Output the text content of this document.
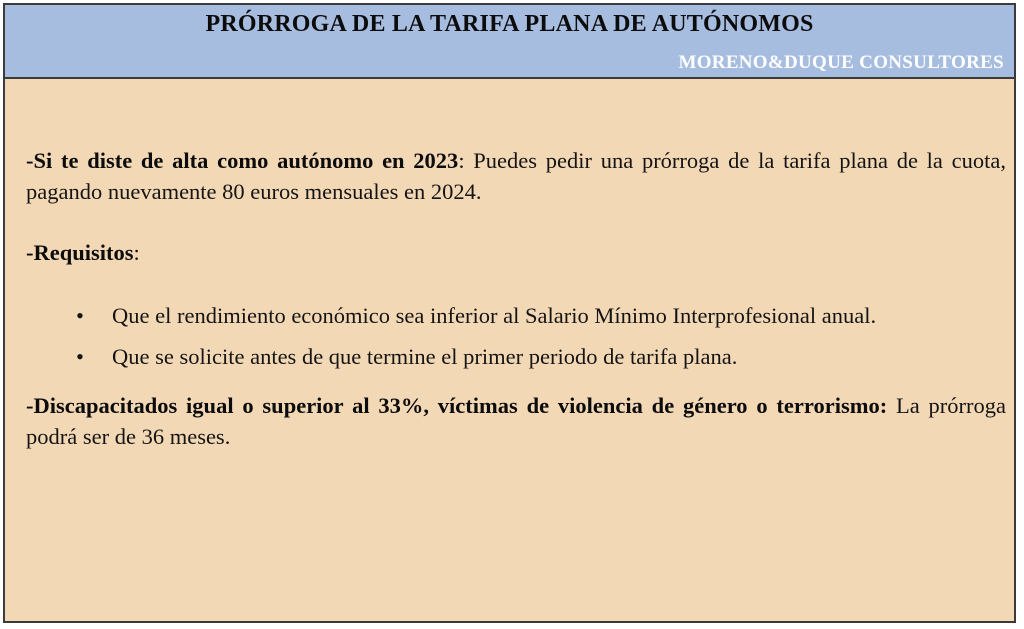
PRÓRROGA DE LA TARIFA PLANA DE AUTÓNOMOS
MORENO&DUQUE CONSULTORES

-Si te diste de alta como autónomo en 2023: Puedes pedir una prórroga de la tarifa plana de la cuota, pagando nuevamente 80 euros mensuales en 2024.

-Requisitos:

• Que el rendimiento económico sea inferior al Salario Mínimo Interprofesional anual.
• Que se solicite antes de que termine el primer periodo de tarifa plana.

-Discapacitados igual o superior al 33%, víctimas de violencia de género o terrorismo: La prórroga podrá ser de 36 meses.
